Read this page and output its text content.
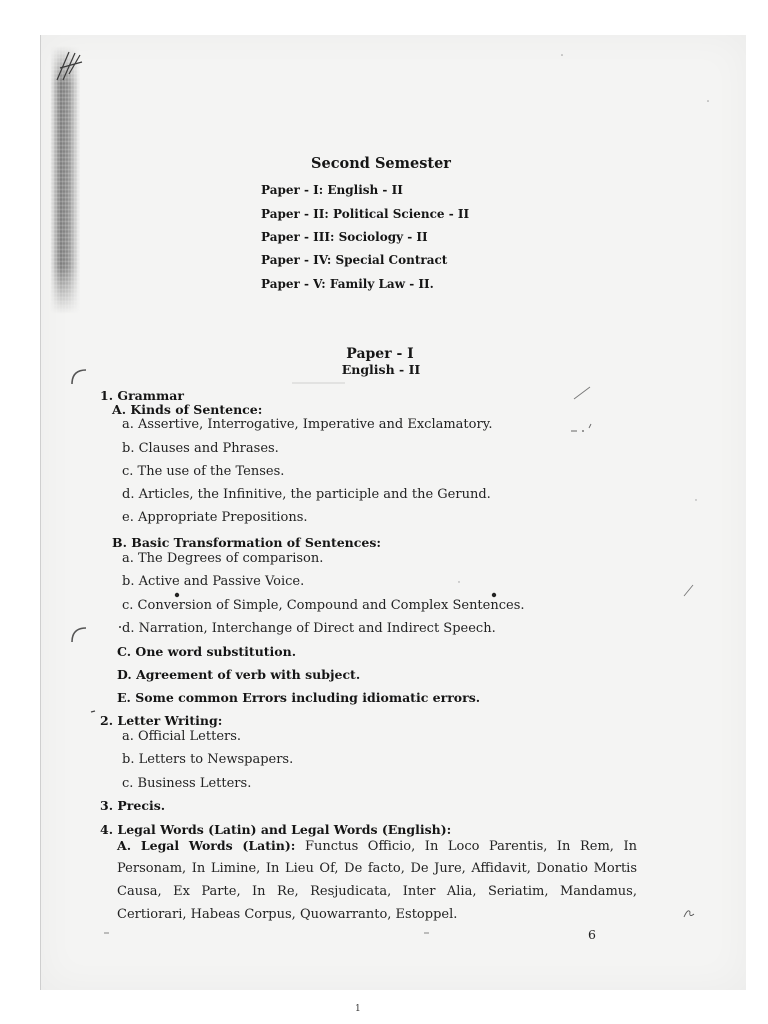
Second Semester
Paper - I: English - II
Paper - II: Political Science - II
Paper - III: Sociology - II
Paper - IV: Special Contract
Paper - V: Family Law - II.
Paper - I
English - II
1. Grammar
A. Kinds of Sentence:
a. Assertive, Interrogative, Imperative and Exclamatory.
b. Clauses and Phrases.
c. The use of the Tenses.
d. Articles, the Infinitive, the participle and the Gerund.
e. Appropriate Prepositions.
B. Basic Transformation of Sentences:
a. The Degrees of comparison.
b. Active and Passive Voice.
c. Conversion of Simple, Compound and Complex Sentences.
d. Narration, Interchange of Direct and Indirect Speech.
C. One word substitution.
D. Agreement of verb with subject.
E. Some common Errors including idiomatic errors.
2. Letter Writing:
a. Official Letters.
b. Letters to Newspapers.
c. Business Letters.
3. Precis.
4. Legal Words (Latin) and Legal Words (English):
A. Legal Words (Latin): Functus Officio, In Loco Parentis, In Rem, In
Personam, In Limine, In Lieu Of, De facto, De Jure, Affidavit, Donatio Mortis
Causa, Ex Parte, In Re, Resjudicata, Inter Alia, Seriatim, Mandamus,
Certiorari, Habeas Corpus, Quowarranto, Estoppel.
6
1
